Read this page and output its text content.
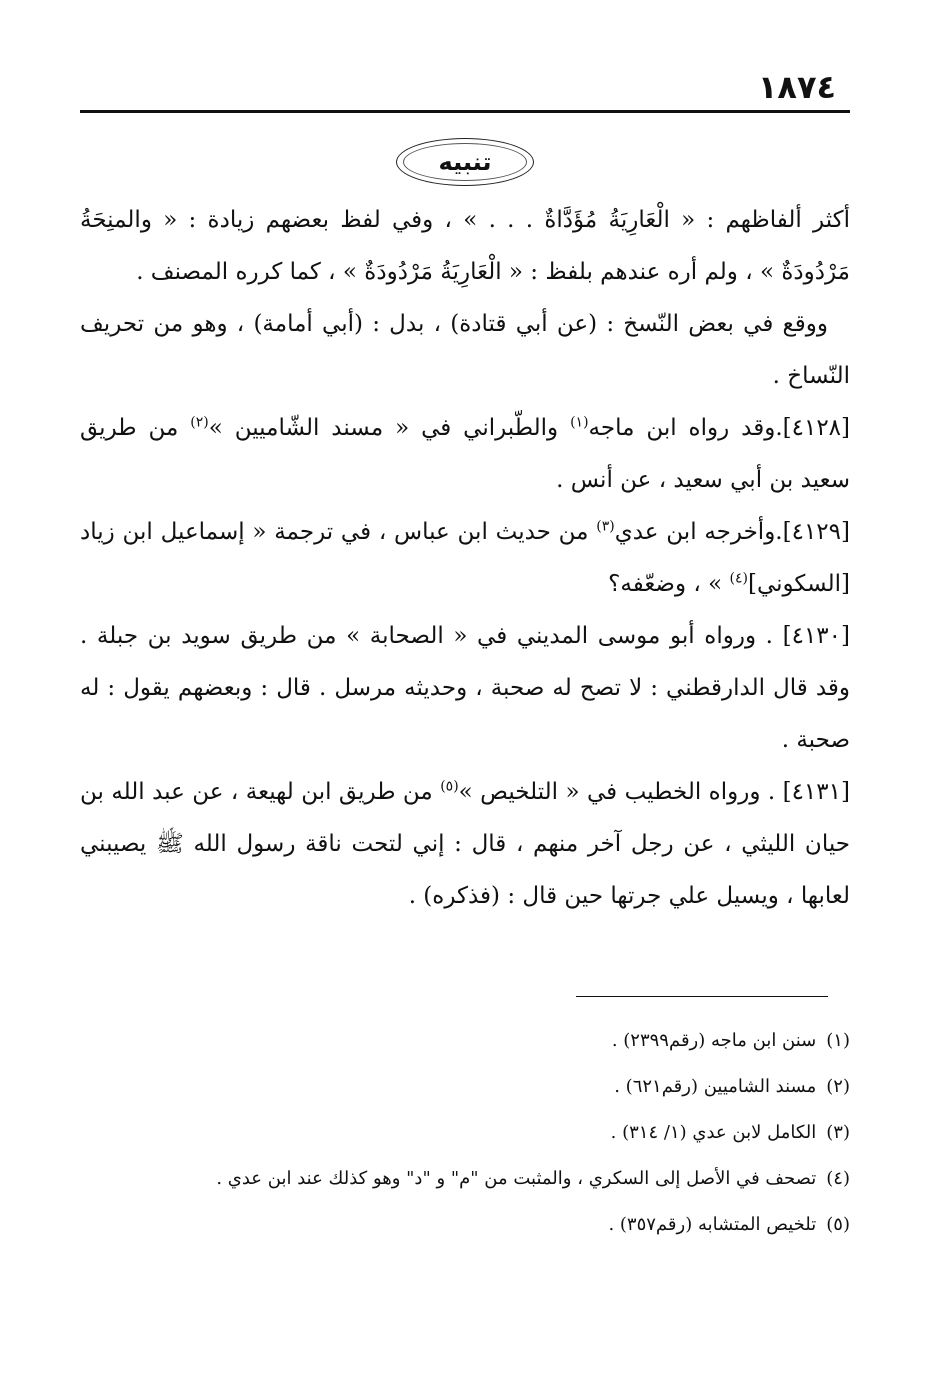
١٨٧٤
تنبيه

أكثر ألفاظهم : « الْعَارِيَةُ مُؤَدَّاةٌ . . . » ، وفي لفظ بعضهم زيادة : « والمنِحَةُ مَرْدُودَةٌ » ، ولم أره عندهم بلفظ : « الْعَارِيَةُ مَرْدُودَةٌ » ، كما كرره المصنف .

ووقع في بعض النّسخ : (عن أبي قتادة) ، بدل : (أبي أمامة) ، وهو من تحريف النّساخ .

[٤١٢٨].وقد رواه ابن ماجه$^{(١)}$ والطّبراني في « مسند الشّاميين »$^{(٢)}$ من طريق سعيد بن أبي سعيد ، عن أنس .

[٤١٢٩].وأخرجه ابن عدي$^{(٣)}$ من حديث ابن عباس ، في ترجمة « إسماعيل ابن زياد [السكوني]$^{(٤)}$ » ، وضعّفه؟

[٤١٣٠] . ورواه أبو موسى المديني في « الصحابة » من طريق سويد بن جبلة . وقد قال الدارقطني : لا تصح له صحبة ، وحديثه مرسل . قال : وبعضهم يقول : له صحبة .

[٤١٣١] . ورواه الخطيب في « التلخيص »$^{(٥)}$ من طريق ابن لهيعة ، عن عبد الله بن حيان الليثي ، عن رجل آخر منهم ، قال : إني لتحت ناقة رسول الله ﷺ يصيبني لعابها ، ويسيل علي جرتها حين قال : (فذكره) .

(١)سنن ابن ماجه (رقم٢٣٩٩) .
(٢)مسند الشاميين (رقم٦٢١) .
(٣)الكامل لابن عدي (١/ ٣١٤) .
(٤)تصحف في الأصل إلى السكري ، والمثبت من "م" و "د" وهو كذلك عند ابن عدي .
(٥)تلخيص المتشابه (رقم٣٥٧) .
